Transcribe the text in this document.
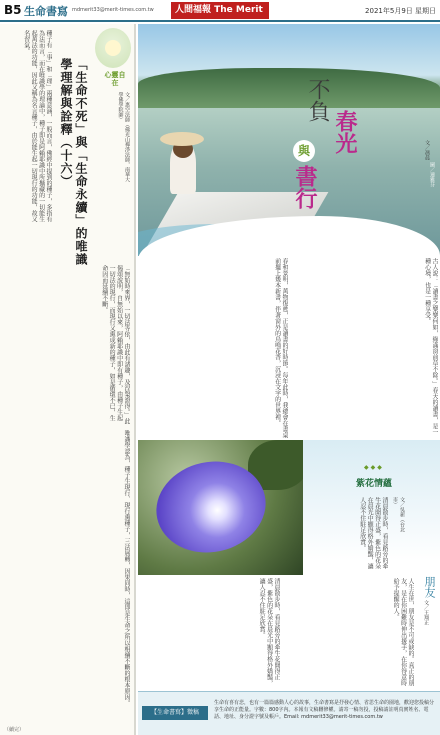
B5 生命書寫 mdmerit33@merit-times.com.tw	人間福報 The Merit	2021年5月9日 星期日
心靈自在
文／惠空法師（佛光山禪淨法師，南華大學佛學院師）
「生命不死」與「生命永續」的唯識學理解與詮釋（十六）
種子有「事」和「理」兩種意涵，一般而言，佛經中提到的種子，多指有為法而言，而在唯識學的理論中，種子即是阿賴耶識中所攝藏的一切能生起萬法的功能，因此又稱為名言種子，由於能生起一切現行的功能，故又名習氣。
「無始時來界，一切法等依，由此有諸趣，及涅槃證得。」此偈頌說明，自無始以來，阿賴耶識中即有種子，由種子生起一切法的現行，而現行又熏成新的種子，如是循環不已，生命因而延續不斷。
唯識學認為，種子生現行、現行熏種子，三法展轉，因果同時，這即是生命之所以相續不斷的根本原因。
（續完）
春和景明，萬物復甦，正是讀書的好時節。每年此時，我總會在書桌前擺上幾本新書，伴著窗外的鳥鳴花香，沉浸在文字的世界裡。	古人說：「讀書之樂樂何如，綠滿窗前草不除。」春天的讀書，是一種心境，也是一種享受。
圖／連雅芬
不負
春光
與
書行
文／馮晨
◆◆◆
紫花情蘊
文／吳新（台北市）
清晨散步時，看見路旁的牽牛花開得正盛，紫色的花朵在晨光中顯得格外嬌豔，讓人忍不住駐足欣賞。
清晨散步時，看見路旁的牽牛花開得正盛，紫色的花朵在晨光中顯得格外嬌豔，讓人忍不住駐足欣賞。	人生在世，朋友是不可或缺的。真正的朋友，是在你困難時伸出援手，在你得意時給予提醒的人。	朋友
文／王翔正
【生命書寫】徵稿
生命有喜有悲，也有一篇篇感動人心的故事，生命書寫是抒發心情、省思生命的園地，歡迎您投稿分享生命的正能量。字數：800字內。本報有文稿刪修權。請寄一稿勿投，投稿請註明真實姓名、電話、地址、身分證字號及帳戶。Email: mdmerit33@merit-times.com.tw
